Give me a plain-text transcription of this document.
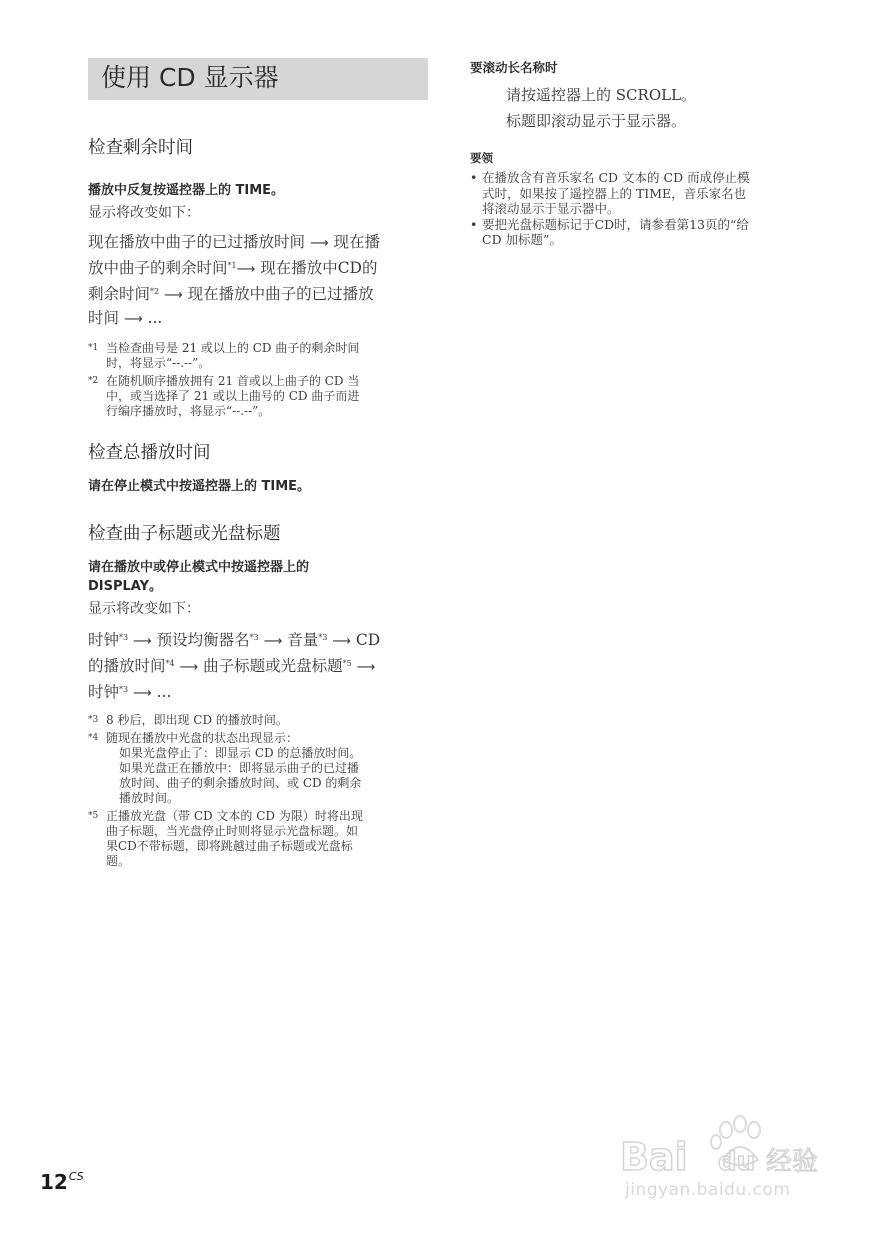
使用 CD 显示器
检查剩余时间
播放中反复按遥控器上的 TIME。
显示将改变如下：
现在播放中曲子的已过播放时间 ⟶ 现在播
放中曲子的剩余时间$^{*1}$⟶ 现在播放中CD的
剩余时间$^{*2}$ ⟶ 现在播放中曲子的已过播放
时间 ⟶ ...
*1 当检查曲号是 21 或以上的 CD 曲子的剩余时间
时，将显示“--.--”。
*2 在随机顺序播放拥有 21 首或以上曲子的 CD 当
中，或当选择了 21 或以上曲号的 CD 曲子而进
行编序播放时，将显示“--.--”。
检查总播放时间
请在停止模式中按遥控器上的 TIME。
检查曲子标题或光盘标题
请在播放中或停止模式中按遥控器上的
DISPLAY。
显示将改变如下：
时钟$^{*3}$ ⟶ 预设均衡器名$^{*3}$ ⟶ 音量$^{*3}$ ⟶ CD
的播放时间$^{*4}$ ⟶ 曲子标题或光盘标题$^{*5}$ ⟶
时钟$^{*3}$ ⟶ ...
*3 8 秒后，即出现 CD 的播放时间。
*4 随现在播放中光盘的状态出现显示：
如果光盘停止了：即显示 CD 的总播放时间。
如果光盘正在播放中：即将显示曲子的已过播
放时间、曲子的剩余播放时间、或 CD 的剩余
播放时间。
*5 正播放光盘（带 CD 文本的 CD 为限）时将出现
曲子标题，当光盘停止时则将显示光盘标题。如
果CD不带标题，即将跳越过曲子标题或光盘标
题。
要滚动长名称时
请按遥控器上的 SCROLL。
标题即滚动显示于显示器。
要领
• 在播放含有音乐家名 CD 文本的 CD 而成停止模
式时，如果按了遥控器上的 TIME，音乐家名也
将滚动显示于显示器中。
• 要把光盘标题标记于CD时，请参看第13页的“给
CD 加标题”。
$12^{CS}$	Bai du 经验
jingyan.baidu.com
